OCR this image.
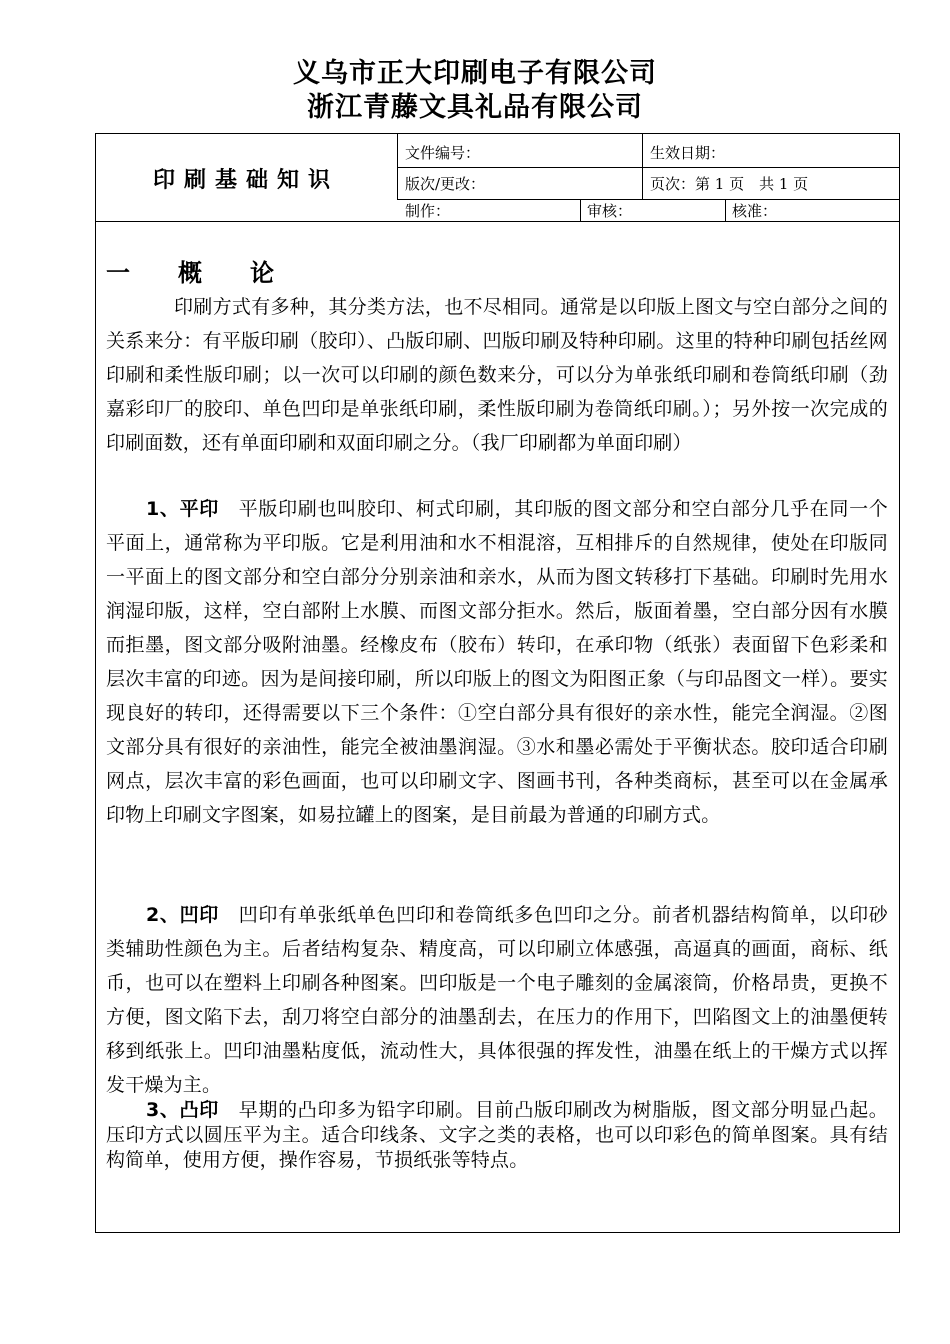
义乌市正大印刷电子有限公司
浙江青藤文具礼品有限公司
印刷基础知识
文件编号：	生效日期：
版次/更改：	页次：第 1 页　共 1 页
制作：	审核：	核准：
一　　概　　论
印刷方式有多种，其分类方法，也不尽相同。通常是以印版上图文与空白部分之间的关系来分：有平版印刷（胶印）、凸版印刷、凹版印刷及特种印刷。这里的特种印刷包括丝网印刷和柔性版印刷；以一次可以印刷的颜色数来分，可以分为单张纸印刷和卷筒纸印刷（劲嘉彩印厂的胶印、单色凹印是单张纸印刷，柔性版印刷为卷筒纸印刷。）；另外按一次完成的印刷面数，还有单面印刷和双面印刷之分。（我厂印刷都为单面印刷）
1、平印　 平版印刷也叫胶印、柯式印刷，其印版的图文部分和空白部分几乎在同一个平面上，通常称为平印版。它是利用油和水不相混溶，互相排斥的自然规律，使处在印版同一平面上的图文部分和空白部分分别亲油和亲水，从而为图文转移打下基础。印刷时先用水润湿印版，这样，空白部附上水膜、而图文部分拒水。然后，版面着墨，空白部分因有水膜而拒墨，图文部分吸附油墨。经橡皮布（胶布）转印，在承印物（纸张）表面留下色彩柔和层次丰富的印迹。因为是间接印刷，所以印版上的图文为阳图正象（与印品图文一样）。要实现良好的转印，还得需要以下三个条件：①空白部分具有很好的亲水性，能完全润湿。②图文部分具有很好的亲油性，能完全被油墨润湿。③水和墨必需处于平衡状态。胶印适合印刷网点，层次丰富的彩色画面，也可以印刷文字、图画书刊，各种类商标，甚至可以在金属承印物上印刷文字图案，如易拉罐上的图案，是目前最为普通的印刷方式。
2、凹印　 凹印有单张纸单色凹印和卷筒纸多色凹印之分。前者机器结构简单，以印砂类辅助性颜色为主。后者结构复杂、精度高，可以印刷立体感强，高逼真的画面，商标、纸币，也可以在塑料上印刷各种图案。凹印版是一个电子雕刻的金属滚筒，价格昂贵，更换不方便，图文陷下去，刮刀将空白部分的油墨刮去，在压力的作用下，凹陷图文上的油墨便转移到纸张上。凹印油墨粘度低，流动性大，具体很强的挥发性，油墨在纸上的干燥方式以挥发干燥为主。
3、凸印　 早期的凸印多为铅字印刷。目前凸版印刷改为树脂版，图文部分明显凸起。压印方式以圆压平为主。适合印线条、文字之类的表格，也可以印彩色的简单图案。具有结构简单，使用方便，操作容易，节损纸张等特点。
